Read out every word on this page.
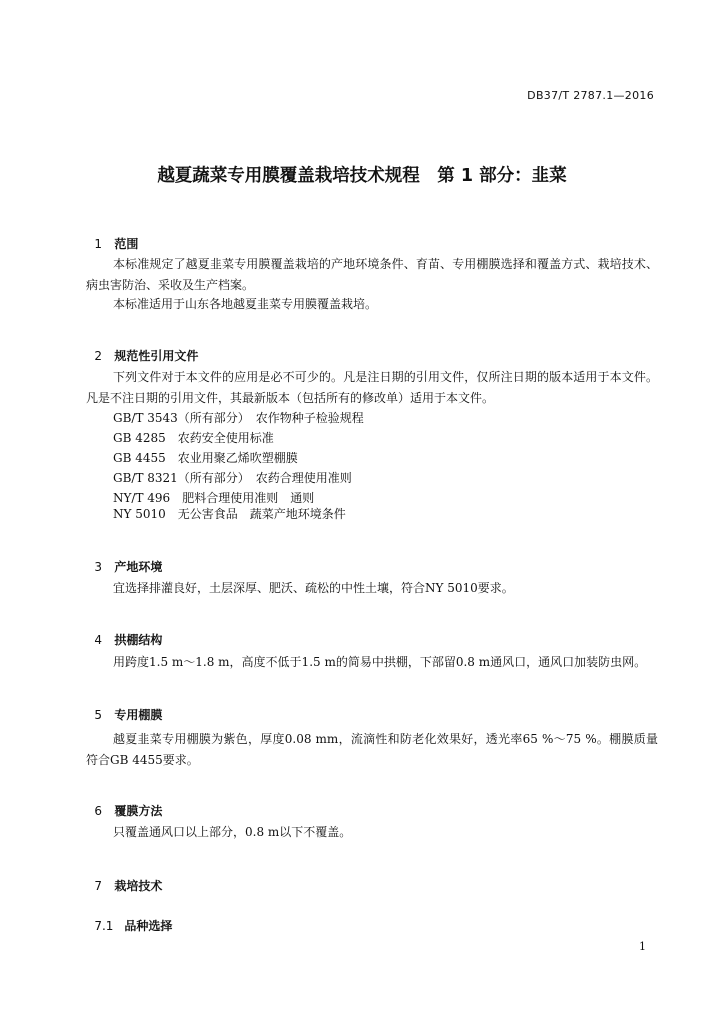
DB37/T 2787.1—2016
越夏蔬菜专用膜覆盖栽培技术规程　第 1 部分：韭菜

1 范围

本标准规定了越夏韭菜专用膜覆盖栽培的产地环境条件、育苗、专用棚膜选择和覆盖方式、栽培技术、病虫害防治、采收及生产档案。
本标准适用于山东各地越夏韭菜专用膜覆盖栽培。

2 规范性引用文件

下列文件对于本文件的应用是必不可少的。凡是注日期的引用文件，仅所注日期的版本适用于本文件。凡是不注日期的引用文件，其最新版本（包括所有的修改单）适用于本文件。
GB/T 3543（所有部分）　农作物种子检验规程
GB 4285　农药安全使用标准
GB 4455　农业用聚乙烯吹塑棚膜
GB/T 8321（所有部分）　农药合理使用准则
NY/T 496　肥料合理使用准则　通则
NY 5010　无公害食品　蔬菜产地环境条件

3 产地环境

宜选择排灌良好，土层深厚、肥沃、疏松的中性土壤，符合NY 5010要求。

4 拱棚结构

用跨度1.5 m～1.8 m，高度不低于1.5 m的简易中拱棚，下部留0.8 m通风口，通风口加装防虫网。

5 专用棚膜

越夏韭菜专用棚膜为紫色，厚度0.08 mm，流滴性和防老化效果好，透光率65 %～75 %。棚膜质量符合GB 4455要求。

6 覆膜方法

只覆盖通风口以上部分，0.8 m以下不覆盖。

7 栽培技术

7.1 品种选择

1
